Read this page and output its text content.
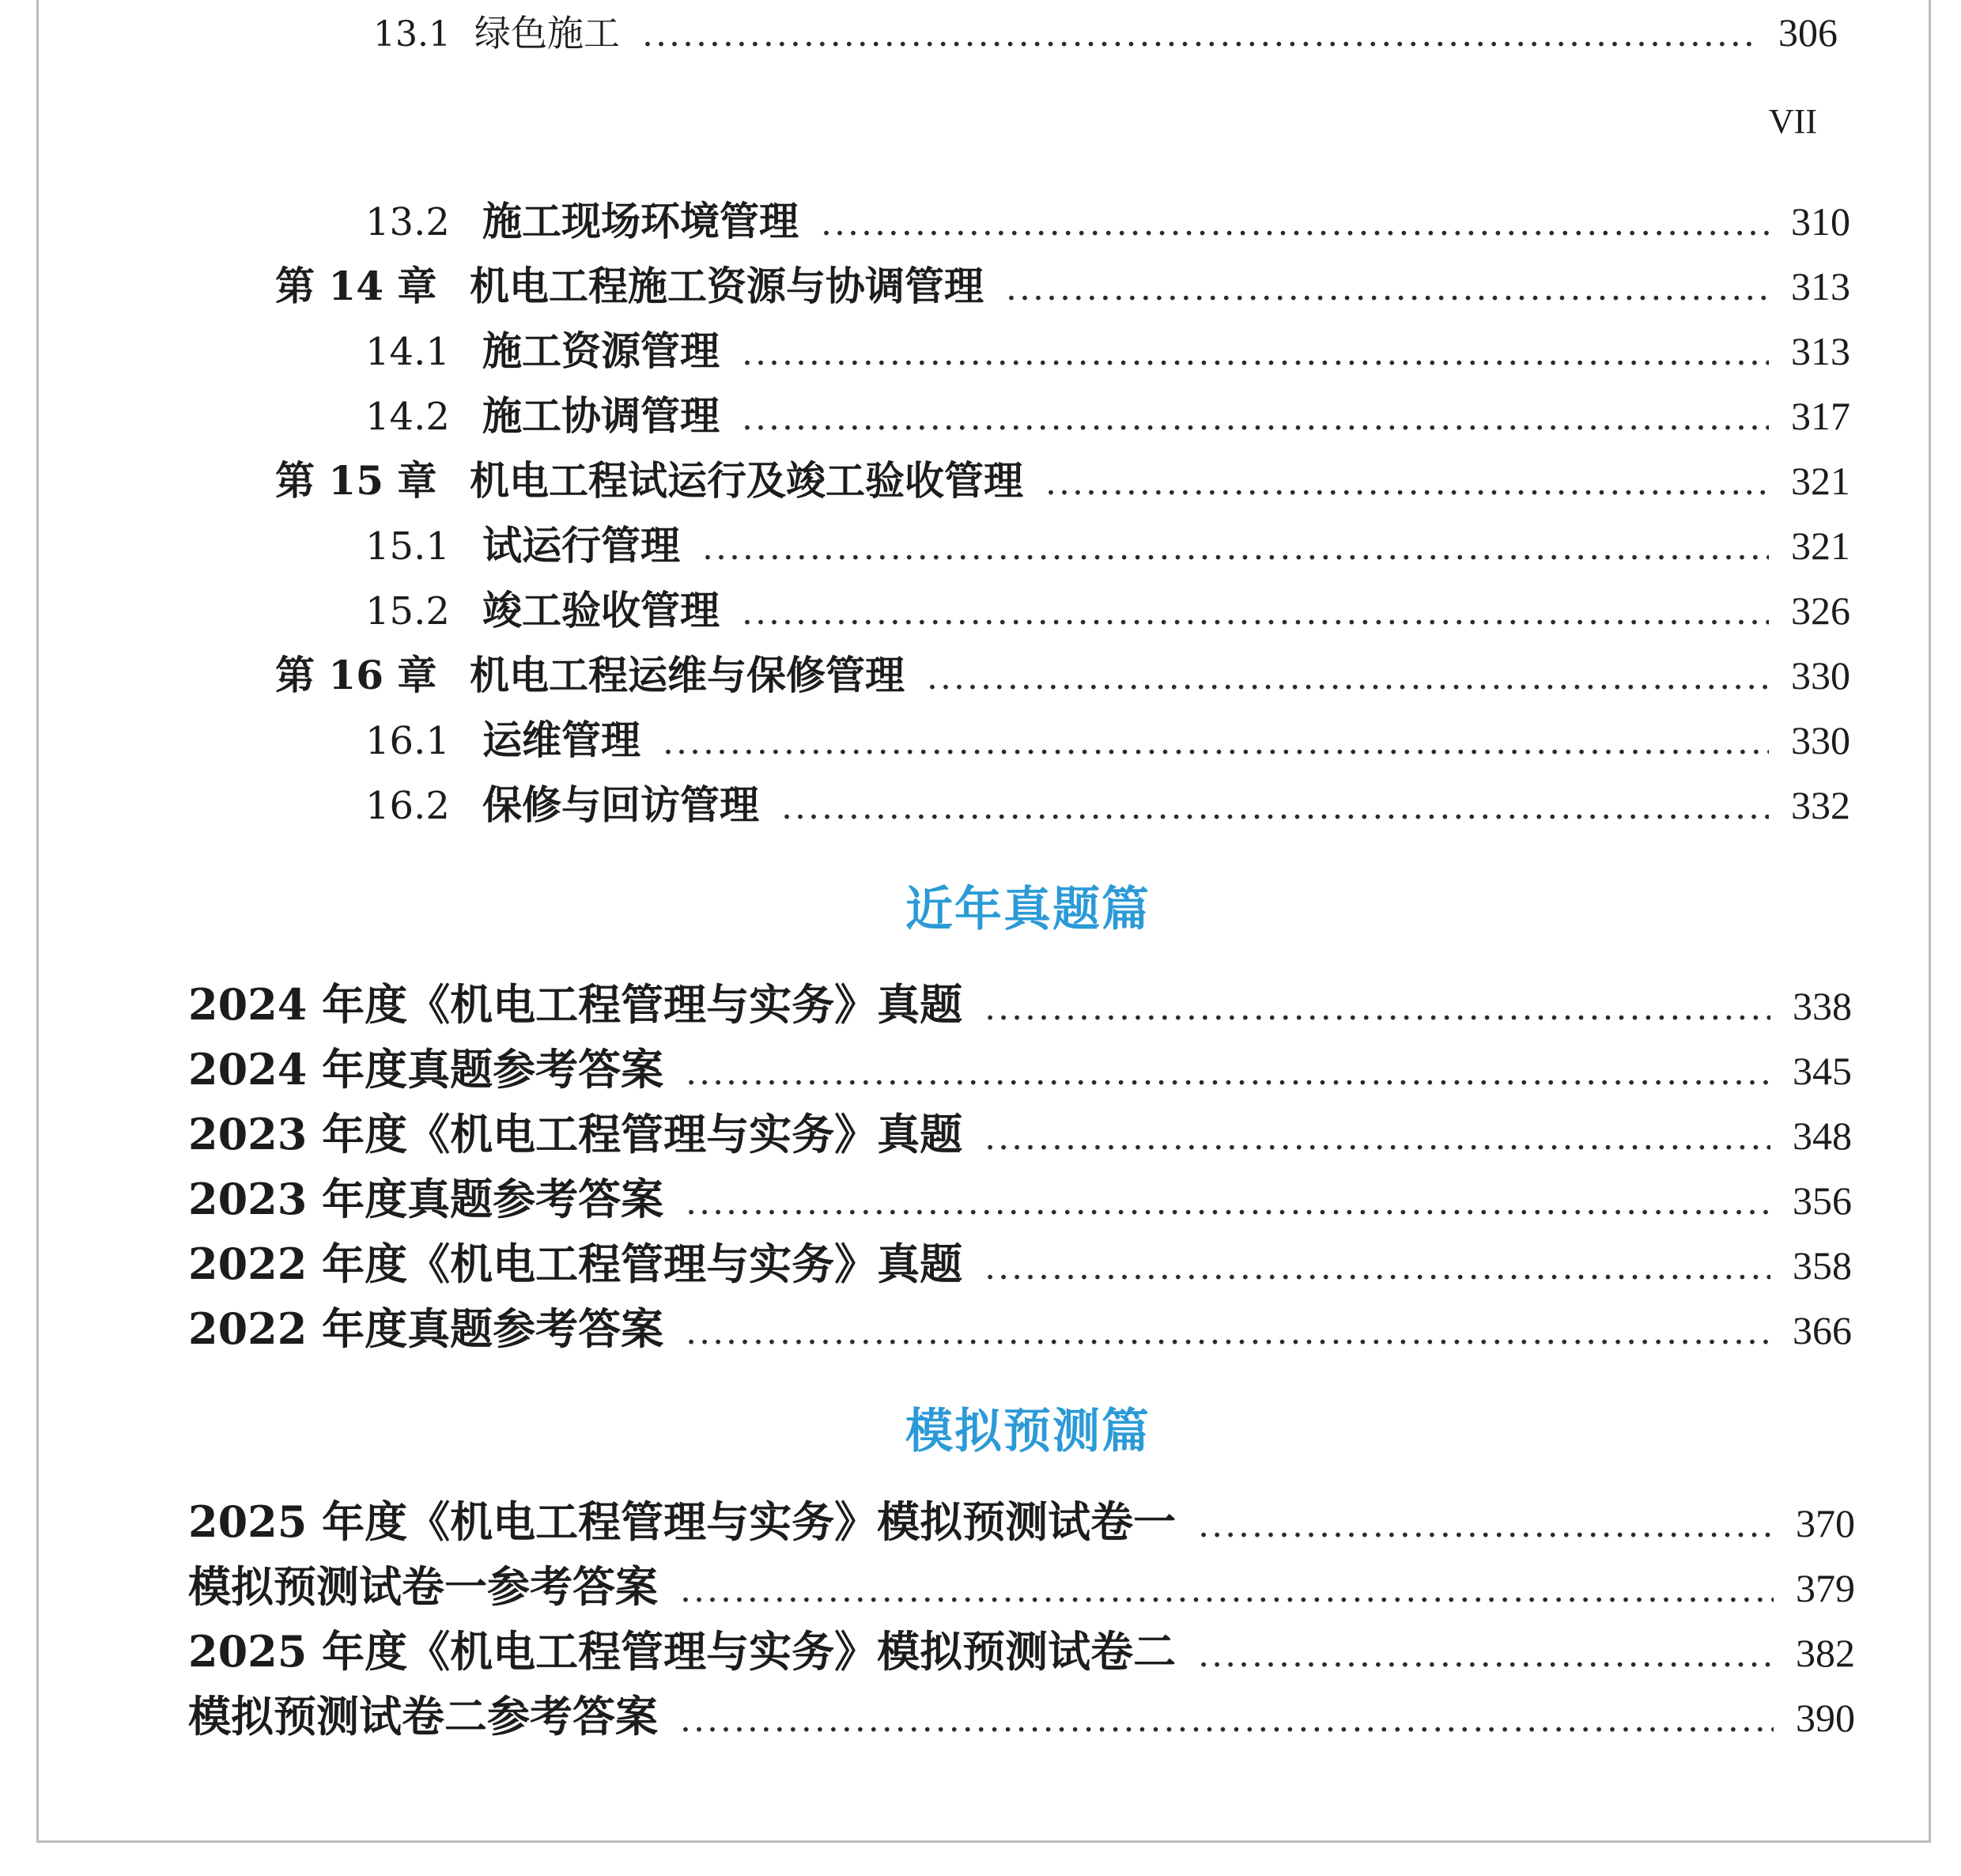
13.1 绿色施工 .....	306
VII
13.2 施工现场环境管理 .....	310
第 14 章 机电工程施工资源与协调管理 .....	313
14.1 施工资源管理 .....	313
14.2 施工协调管理 .....	317
第 15 章 机电工程试运行及竣工验收管理 .....	321
15.1 试运行管理 .....	321
15.2 竣工验收管理 .....	326
第 16 章 机电工程运维与保修管理 .....	330
16.1 运维管理 .....	330
16.2 保修与回访管理 .....	332
近年真题篇
2024 年度《机电工程管理与实务》真题 .....	338
2024 年度真题参考答案 .....	345
2023 年度《机电工程管理与实务》真题 .....	348
2023 年度真题参考答案 .....	356
2022 年度《机电工程管理与实务》真题 .....	358
2022 年度真题参考答案 .....	366
模拟预测篇
2025 年度《机电工程管理与实务》模拟预测试卷一 .....	370
模拟预测试卷一参考答案 .....	379
2025 年度《机电工程管理与实务》模拟预测试卷二 .....	382
模拟预测试卷二参考答案 .....	390
